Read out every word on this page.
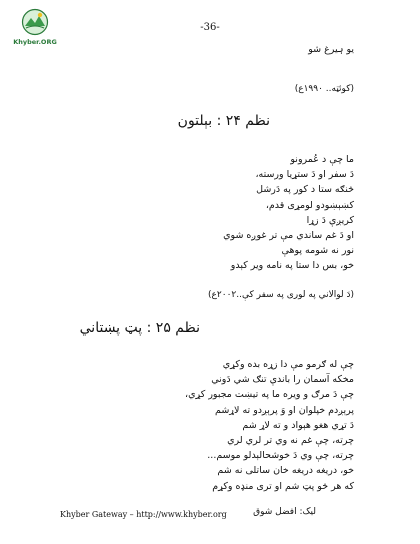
Khyber.ORG
-36-
یو ہیرغ شو
(کوئټه.. ۱۹۹۰ع)
نظم ۲۴ : بېلتون
ما چې د عُمرونو
دَ سفر او دَ ستړيا ورسته،
څنګه ستا د کور په دَرشل
کښېښودو لومړی قدم،
کريږې دَ زړا
او دَ غم ساندي مې تر غوږه شوي
نور نه شومه پوهې
خو، بس دا ستا په نامه وير کېدو
(دَ لوالاني په لوری په سفر کې..۲۰۰۲ع)
نظم ۲۵ : پټ پښتاني
چې له ګرمو مې دا زړه بده وکړي
مخکه آسمان را باندې تنګ شي دَوني
چې دَ مرګ و ويره ما په تيښت مجبور کړي،
پرېږدم خپلوان او وَ پرېږدو ته لاړشم
دَ تړي هغو هېواد و ته لاړ شم
چرته، چې غم نه وي تر لري لري
چرته، چې وي دَ خوشحالېدلو موسم...
خو، دریغه دریغه خان ساتلی نه شم
که هر څو پټ شم او تری منډه وکړم
Khyber Gateway – http://www.khyber.org	لیک: افضل شوق
